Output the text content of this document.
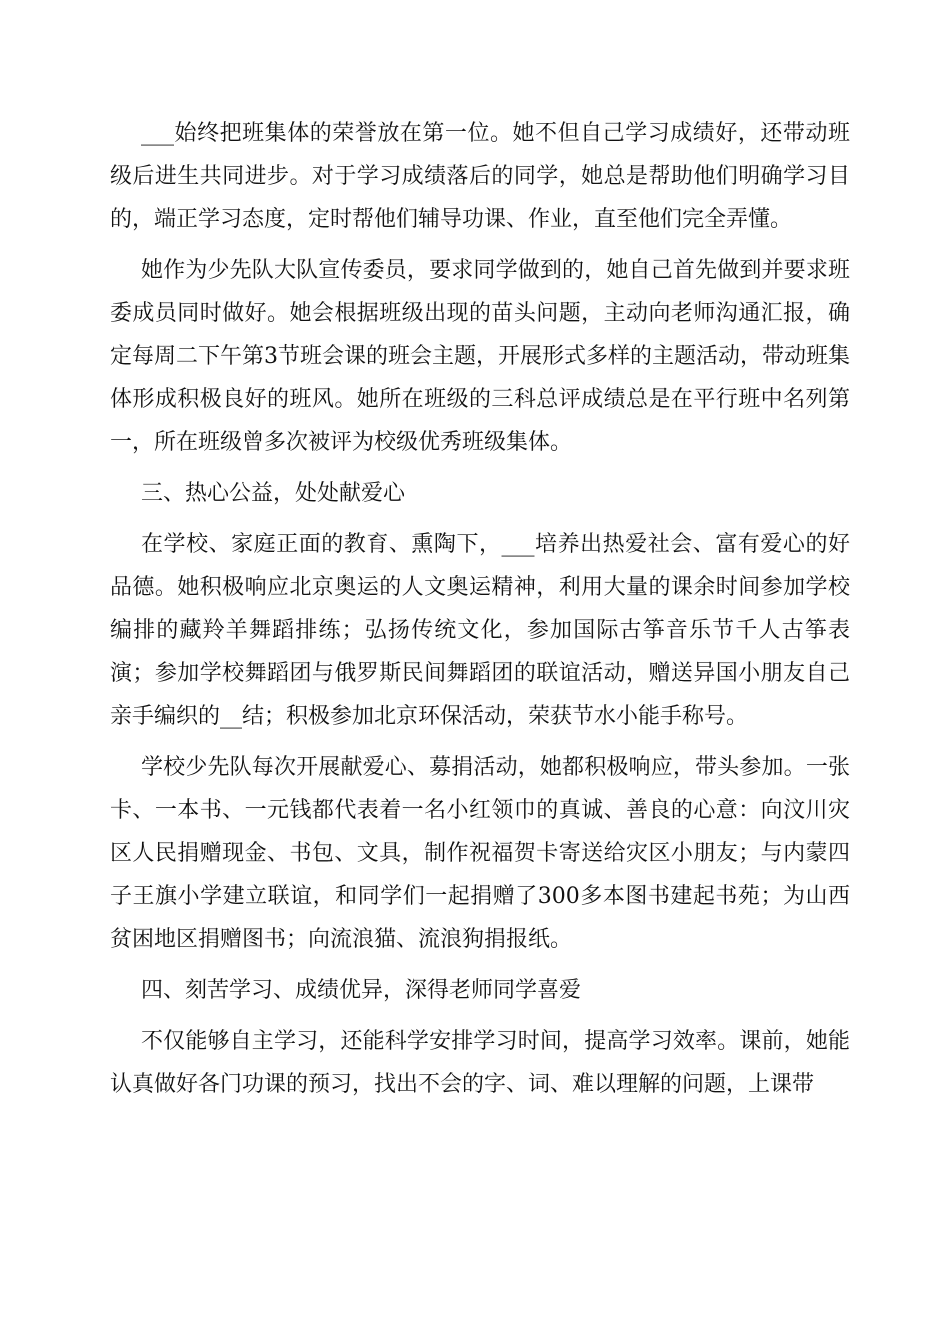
___始终把班集体的荣誉放在第一位。她不但自己学习成绩好，还带动班级后进生共同进步。对于学习成绩落后的同学，她总是帮助他们明确学习目的，端正学习态度，定时帮他们辅导功课、作业，直至他们完全弄懂。

她作为少先队大队宣传委员，要求同学做到的，她自己首先做到并要求班委成员同时做好。她会根据班级出现的苗头问题，主动向老师沟通汇报，确定每周二下午第3节班会课的班会主题，开展形式多样的主题活动，带动班集体形成积极良好的班风。她所在班级的三科总评成绩总是在平行班中名列第一，所在班级曾多次被评为校级优秀班级集体。

三、热心公益，处处献爱心

在学校、家庭正面的教育、熏陶下，___培养出热爱社会、富有爱心的好品德。她积极响应北京奥运的人文奥运精神，利用大量的课余时间参加学校编排的藏羚羊舞蹈排练；弘扬传统文化，参加国际古筝音乐节千人古筝表演；参加学校舞蹈团与俄罗斯民间舞蹈团的联谊活动，赠送异国小朋友自己亲手编织的__结；积极参加北京环保活动，荣获节水小能手称号。

学校少先队每次开展献爱心、募捐活动，她都积极响应，带头参加。一张卡、一本书、一元钱都代表着一名小红领巾的真诚、善良的心意：向汶川灾区人民捐赠现金、书包、文具，制作祝福贺卡寄送给灾区小朋友；与内蒙四子王旗小学建立联谊，和同学们一起捐赠了300多本图书建起书苑；为山西贫困地区捐赠图书；向流浪猫、流浪狗捐报纸。

四、刻苦学习、成绩优异，深得老师同学喜爱

不仅能够自主学习，还能科学安排学习时间，提高学习效率。课前，她能认真做好各门功课的预习，找出不会的字、词、难以理解的问题，上课带
